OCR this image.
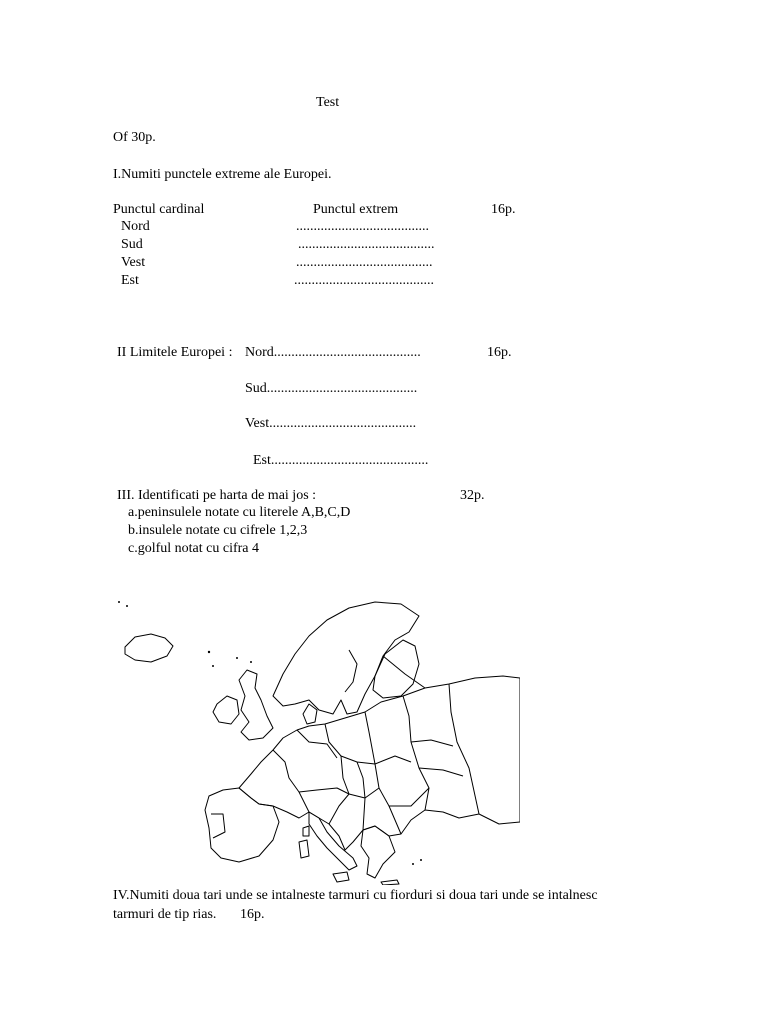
Test
Of 30p.
I.Numiti punctele extreme ale Europei.
Punctul cardinal	Punctul extrem	16p.
Nord	......................................
Sud	.......................................
Vest	.......................................
Est	........................................
II Limitele Europei : Nord..........................................	16p.
Sud...........................................
Vest..........................................
Est.............................................
III. Identificati pe harta de mai jos :	32p.
a.peninsulele notate cu literele A,B,C,D
b.insulele notate cu cifrele 1,2,3
c.golful notat cu cifra 4
IV.Numiti doua tari unde se intalneste tarmuri cu fiorduri si doua tari unde se intalnesc
tarmuri de tip rias. 16p.
